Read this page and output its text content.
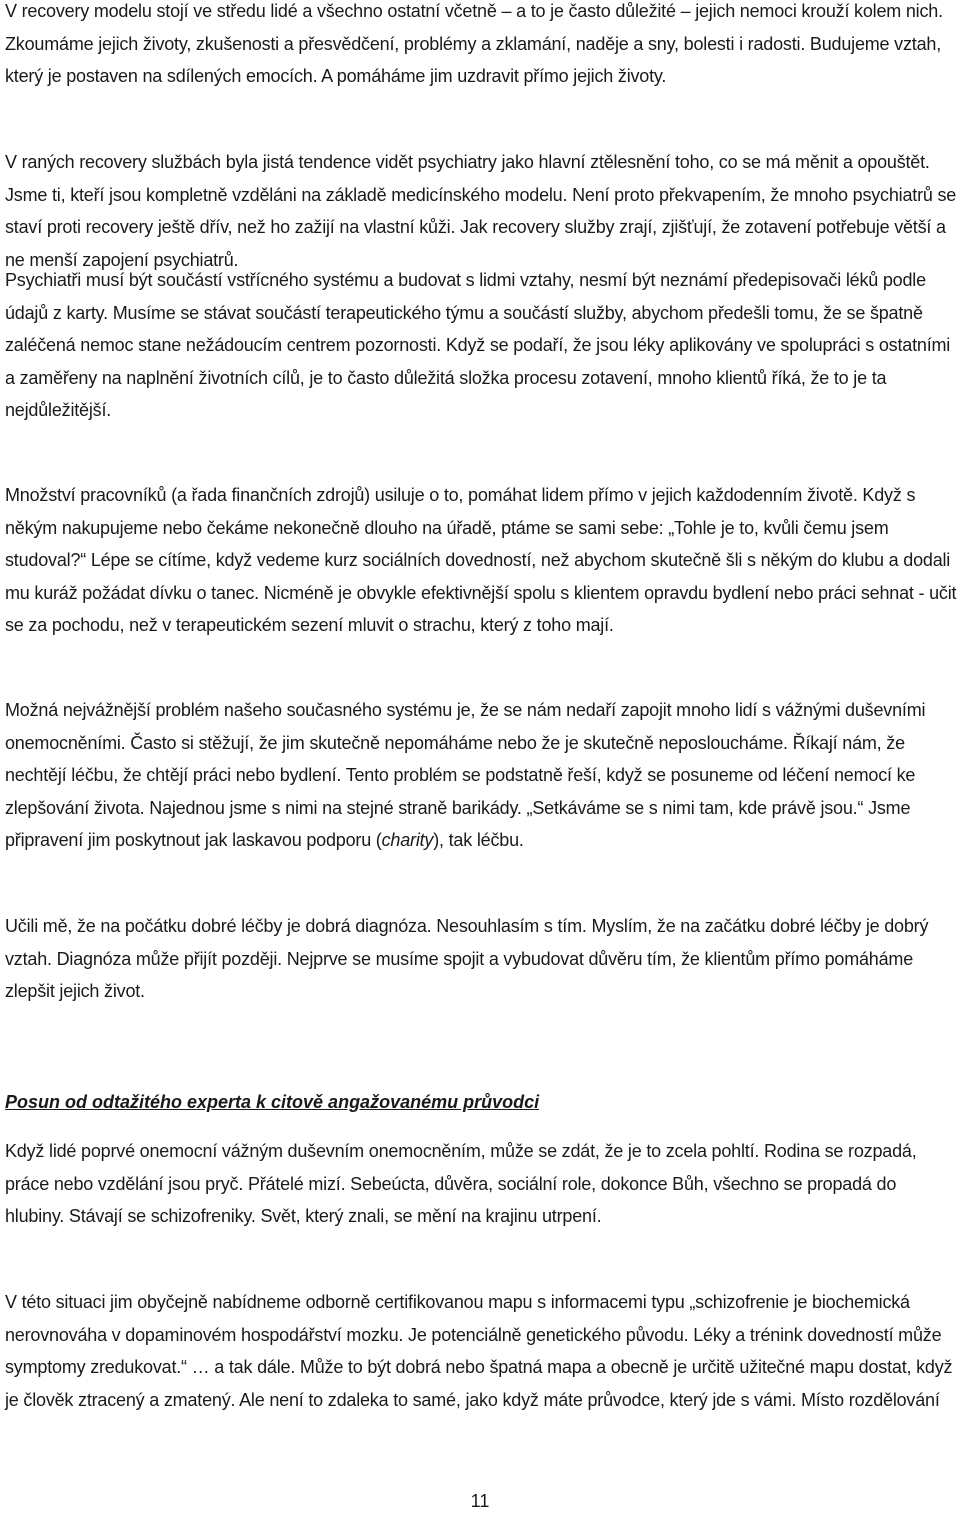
V recovery modelu stojí ve středu lidé a všechno ostatní včetně – a to je často důležité – jejich nemoci krouží kolem nich. Zkoumáme jejich životy, zkušenosti a přesvědčení, problémy a zklamání, naděje a sny, bolesti i radosti. Budujeme vztah, který je postaven na sdílených emocích. A pomáháme jim uzdravit přímo jejich životy.

V raných recovery službách byla jistá tendence vidět psychiatry jako hlavní ztělesnění toho, co se má měnit a opouštět. Jsme ti, kteří jsou kompletně vzděláni na základě medicínského modelu. Není proto překvapením, že mnoho psychiatrů se staví proti recovery ještě dřív, než ho zažijí na vlastní kůži. Jak recovery služby zrají, zjišťují, že zotavení potřebuje větší a ne menší zapojení psychiatrů.

Psychiatři musí být součástí vstřícného systému a budovat s lidmi vztahy, nesmí být neznámí předepisovači léků podle údajů z karty. Musíme se stávat součástí terapeutického týmu a součástí služby, abychom předešli tomu, že se špatně zaléčená nemoc stane nežádoucím centrem pozornosti. Když se podaří, že jsou léky aplikovány ve spolupráci s ostatními a zaměřeny na naplnění životních cílů, je to často důležitá složka procesu zotavení, mnoho klientů říká, že to je ta nejdůležitější.

Množství pracovníků (a řada finančních zdrojů) usiluje o to, pomáhat lidem přímo v jejich každodenním životě. Když s někým nakupujeme nebo čekáme nekonečně dlouho na úřadě, ptáme se sami sebe: „Tohle je to, kvůli čemu jsem studoval?“ Lépe se cítíme, když vedeme kurz sociálních dovedností, než abychom skutečně šli s někým do klubu a dodali mu kuráž požádat dívku o tanec. Nicméně je obvykle efektivnější spolu s klientem opravdu bydlení nebo práci sehnat - učit se za pochodu, než v terapeutickém sezení mluvit o strachu, který z toho mají.

Možná nejvážnější problém našeho současného systému je, že se nám nedaří zapojit mnoho lidí s vážnými duševními onemocněními. Často si stěžují, že jim skutečně nepomáháme nebo že je skutečně neposloucháme. Říkají nám, že nechtějí léčbu, že chtějí práci nebo bydlení. Tento problém se podstatně řeší, když se posuneme od léčení nemocí ke zlepšování života. Najednou jsme s nimi na stejné straně barikády. „Setkáváme se s nimi tam, kde právě jsou.“ Jsme připravení jim poskytnout jak laskavou podporu (charity), tak léčbu.

Učili mě, že na počátku dobré léčby je dobrá diagnóza. Nesouhlasím s tím. Myslím, že na začátku dobré léčby je dobrý vztah. Diagnóza může přijít později. Nejprve se musíme spojit a vybudovat důvěru tím, že klientům přímo pomáháme zlepšit jejich život.

Posun od odtažitého experta k citově angažovanému průvodci

Když lidé poprvé onemocní vážným duševním onemocněním, může se zdát, že je to zcela pohltí. Rodina se rozpadá, práce nebo vzdělání jsou pryč. Přátelé mizí. Sebeúcta, důvěra, sociální role, dokonce Bůh, všechno se propadá do hlubiny. Stávají se schizofreniky. Svět, který znali, se mění na krajinu utrpení.

V této situaci jim obyčejně nabídneme odborně certifikovanou mapu s informacemi typu „schizofrenie je biochemická nerovnováha v dopaminovém hospodářství mozku. Je potenciálně genetického původu. Léky a trénink dovedností může symptomy zredukovat.“ … a tak dále. Může to být dobrá nebo špatná mapa a obecně je určitě užitečné mapu dostat, když je člověk ztracený a zmatený. Ale není to zdaleka to samé, jako když máte průvodce, který jde s vámi. Místo rozdělování

11
